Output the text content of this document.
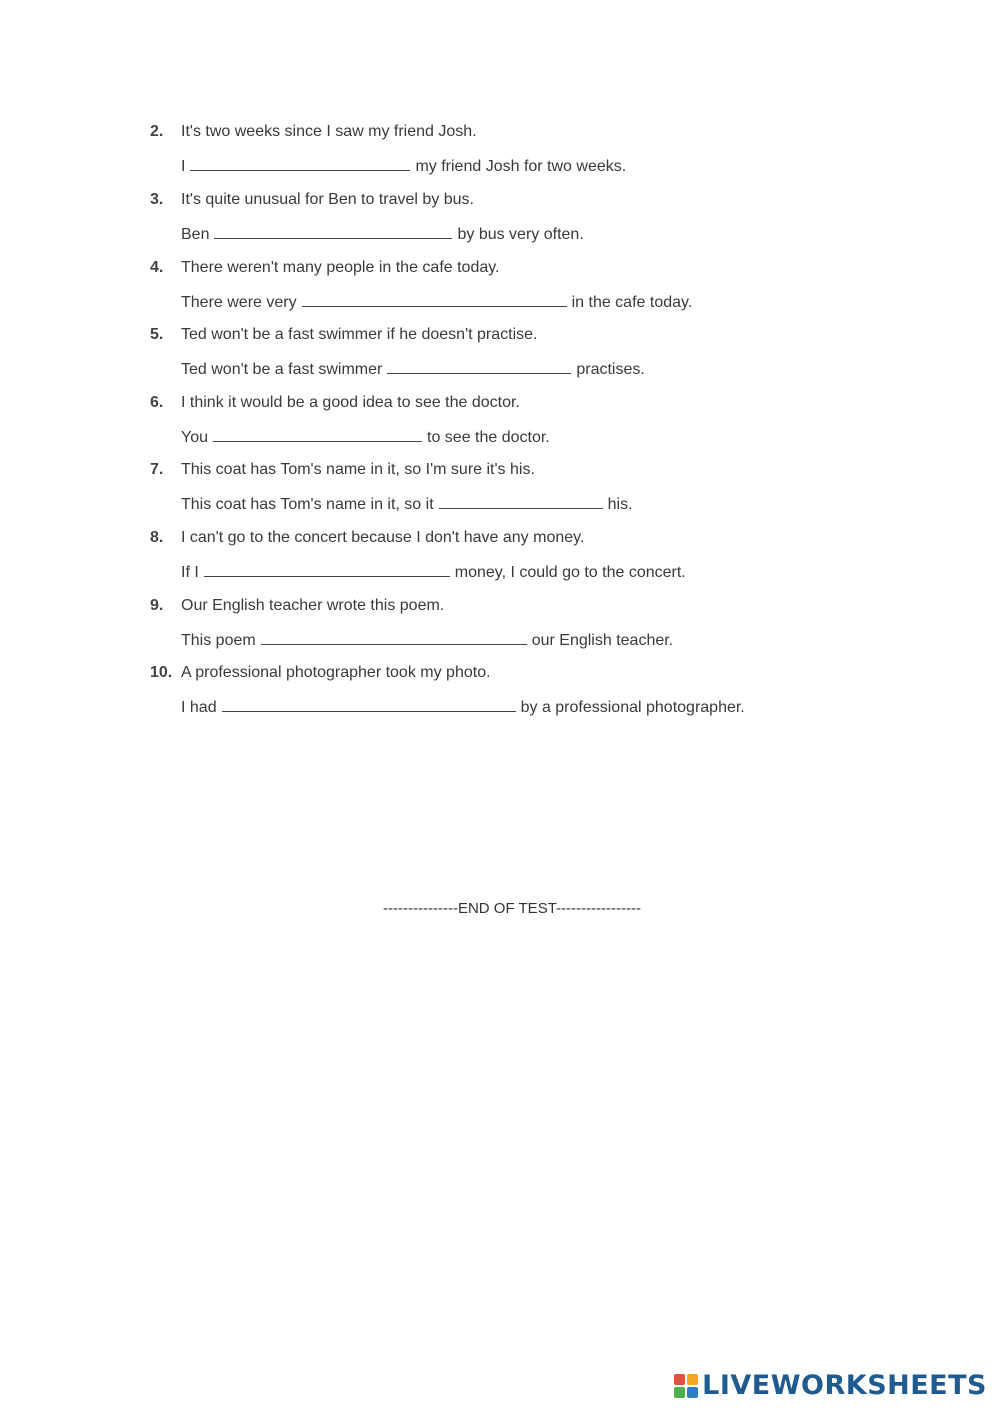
2. It's two weeks since I saw my friend Josh.
I	my friend Josh for two weeks.
3. It's quite unusual for Ben to travel by bus.
Ben	by bus very often.
4. There weren't many people in the cafe today.
There were very	in the cafe today.
5. Ted won't be a fast swimmer if he doesn't practise.
Ted won't be a fast swimmer	practises.
6. I think it would be a good idea to see the doctor.
You	to see the doctor.
7. This coat has Tom's name in it, so I'm sure it's his.
This coat has Tom's name in it, so it	his.
8. I can't go to the concert because I don't have any money.
If I	money, I could go to the concert.
9. Our English teacher wrote this poem.
This poem	our English teacher.
10. A professional photographer took my photo.
I had	by a professional photographer.
---------------END OF TEST-----------------
LIVEWORKSHEETS
